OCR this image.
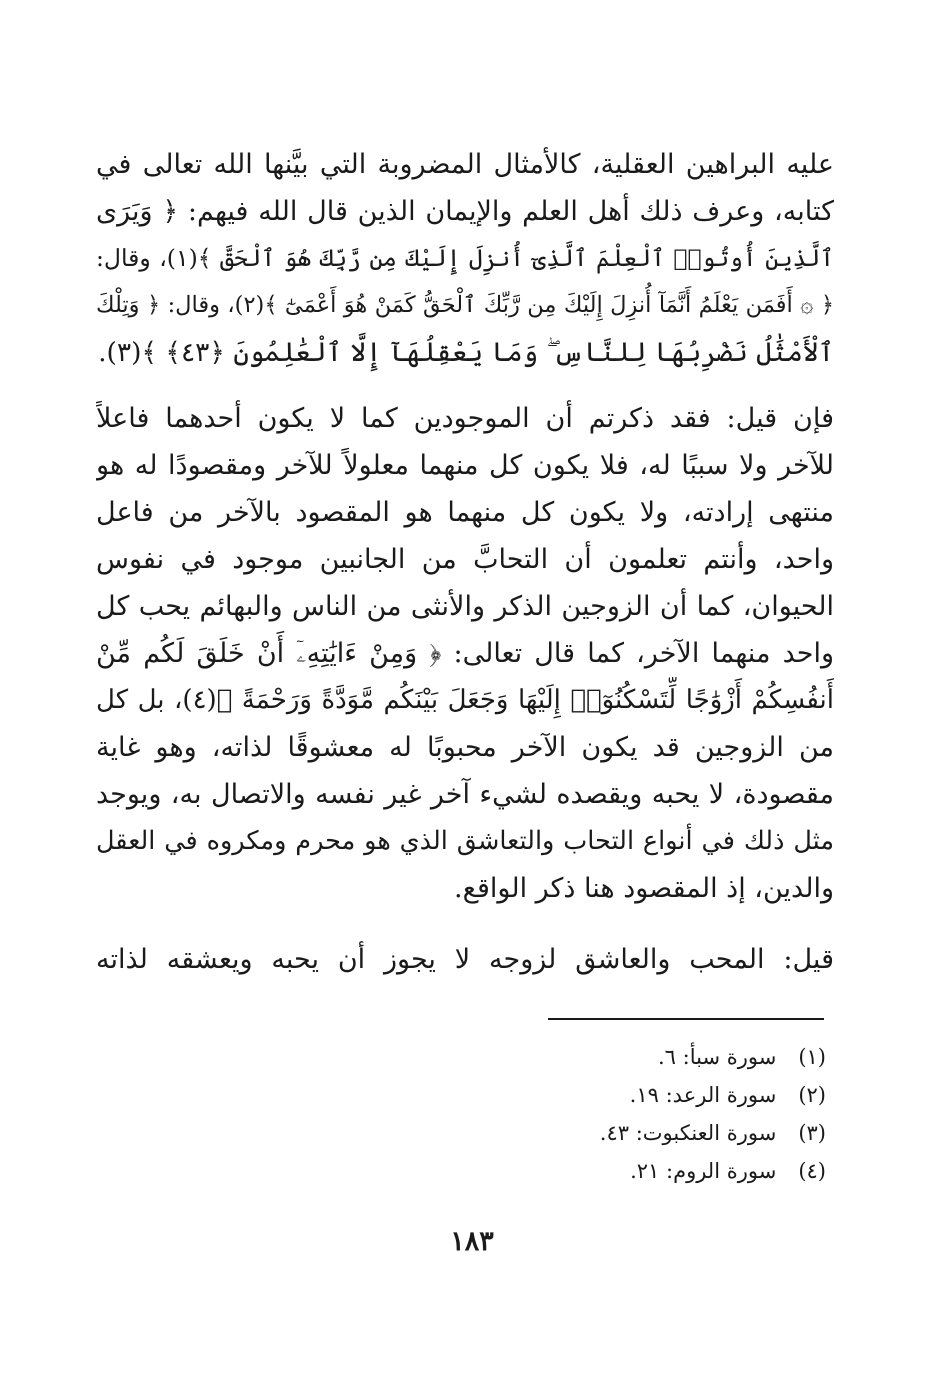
عليه البراهين العقلية، كالأمثال المضروبة التي بيَّنها الله تعالى في
كتابه، وعرف ذلك أهل العلم والإيمان الذين قال الله فيهم: ﴿ وَيَرَى
ٱلَّذِينَ أُوتُوا۟ ٱلْعِلْمَ ٱلَّذِىٓ أُنزِلَ إِلَيْكَ مِن رَّبِّكَ هُوَ ٱلْحَقَّ ﴾(١)، وقال:
﴿ ۞ أَفَمَن يَعْلَمُ أَنَّمَآ أُنزِلَ إِلَيْكَ مِن رَّبِّكَ ٱلْحَقُّ كَمَنْ هُوَ أَعْمَىٰٓ ﴾(٢)، وقال: ﴿ وَتِلْكَ
ٱلْأَمْثَٰلُ نَضْرِبُهَا لِلنَّاسِ ۖ وَمَا يَعْقِلُهَآ إِلَّا ٱلْعَٰلِمُونَ ﴿٤٣﴾ ﴾(٣).
فإن قيل: فقد ذكرتم أن الموجودين كما لا يكون أحدهما فاعلاً
للآخر ولا سببًا له، فلا يكون كل منهما معلولاً للآخر ومقصودًا له هو
منتهى إرادته، ولا يكون كل منهما هو المقصود بالآخر من فاعل
واحد، وأنتم تعلمون أن التحابَّ من الجانبين موجود في نفوس
الحيوان، كما أن الزوجين الذكر والأنثى من الناس والبهائم يحب كل
واحد منهما الآخر، كما قال تعالى: ﴿ وَمِنْ ءَايَٰتِهِۦٓ أَنْ خَلَقَ لَكُم مِّنْ
أَنفُسِكُمْ أَزْوَٰجًا لِّتَسْكُنُوٓا۟ إِلَيْهَا وَجَعَلَ بَيْنَكُم مَّوَدَّةً وَرَحْمَةً ﴾(٤)، بل كل
من الزوجين قد يكون الآخر محبوبًا له معشوقًا لذاته، وهو غاية
مقصودة، لا يحبه ويقصده لشيء آخر غير نفسه والاتصال به، ويوجد
مثل ذلك في أنواع التحاب والتعاشق الذي هو محرم ومكروه في العقل
والدين، إذ المقصود هنا ذكر الواقع.
قيل: المحب والعاشق لزوجه لا يجوز أن يحبه ويعشقه لذاته
(١)سورة سبأ: ٦.
(٢)سورة الرعد: ١٩.
(٣)سورة العنكبوت: ٤٣.
(٤)سورة الروم: ٢١.
١٨٣
